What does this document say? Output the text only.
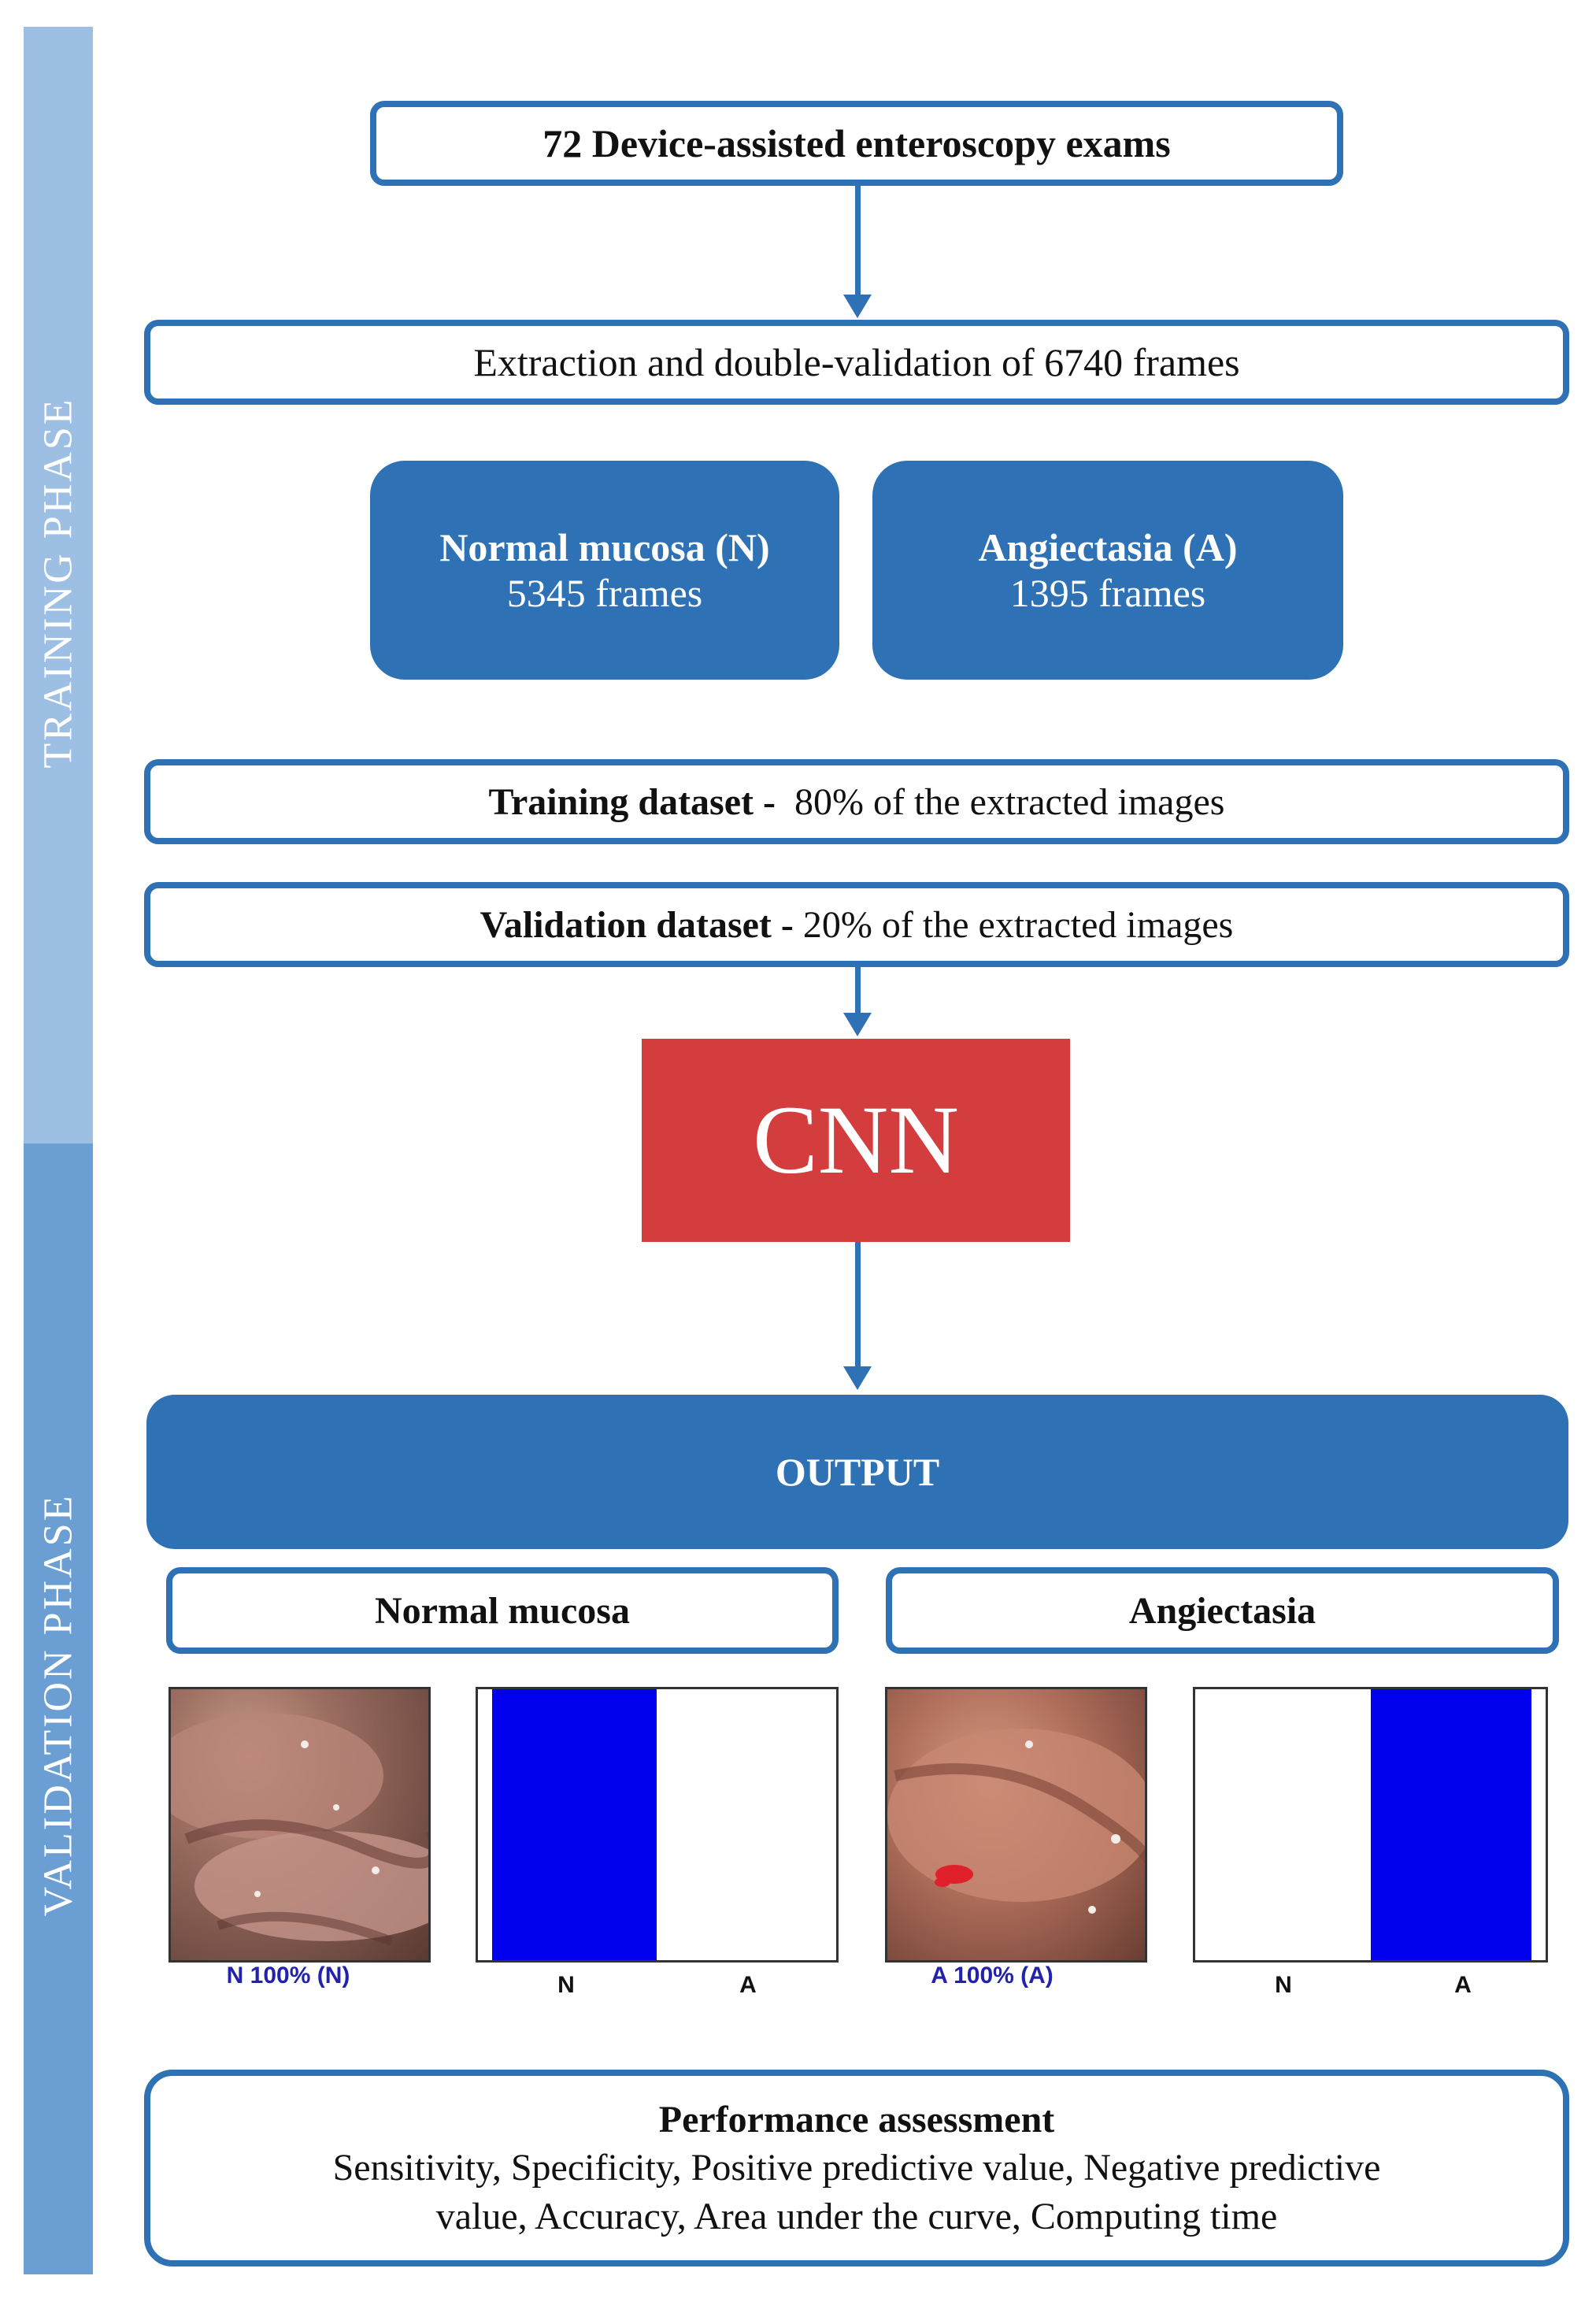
TRAINING PHASE
VALIDATION PHASE
72 Device-assisted enteroscopy exams
Extraction and double-validation of 6740 frames
Normal mucosa (N)
5345 frames
Angiectasia (A)
1395 frames
Training dataset - 80% of the extracted images
Validation dataset - 20% of the extracted images
CNN
OUTPUT
Normal mucosa	Angiectasia
N 100% (N)	N	A	A 100% (A)	N	A
Performance assessment
Sensitivity, Specificity, Positive predictive value, Negative predictive
value, Accuracy, Area under the curve, Computing time
